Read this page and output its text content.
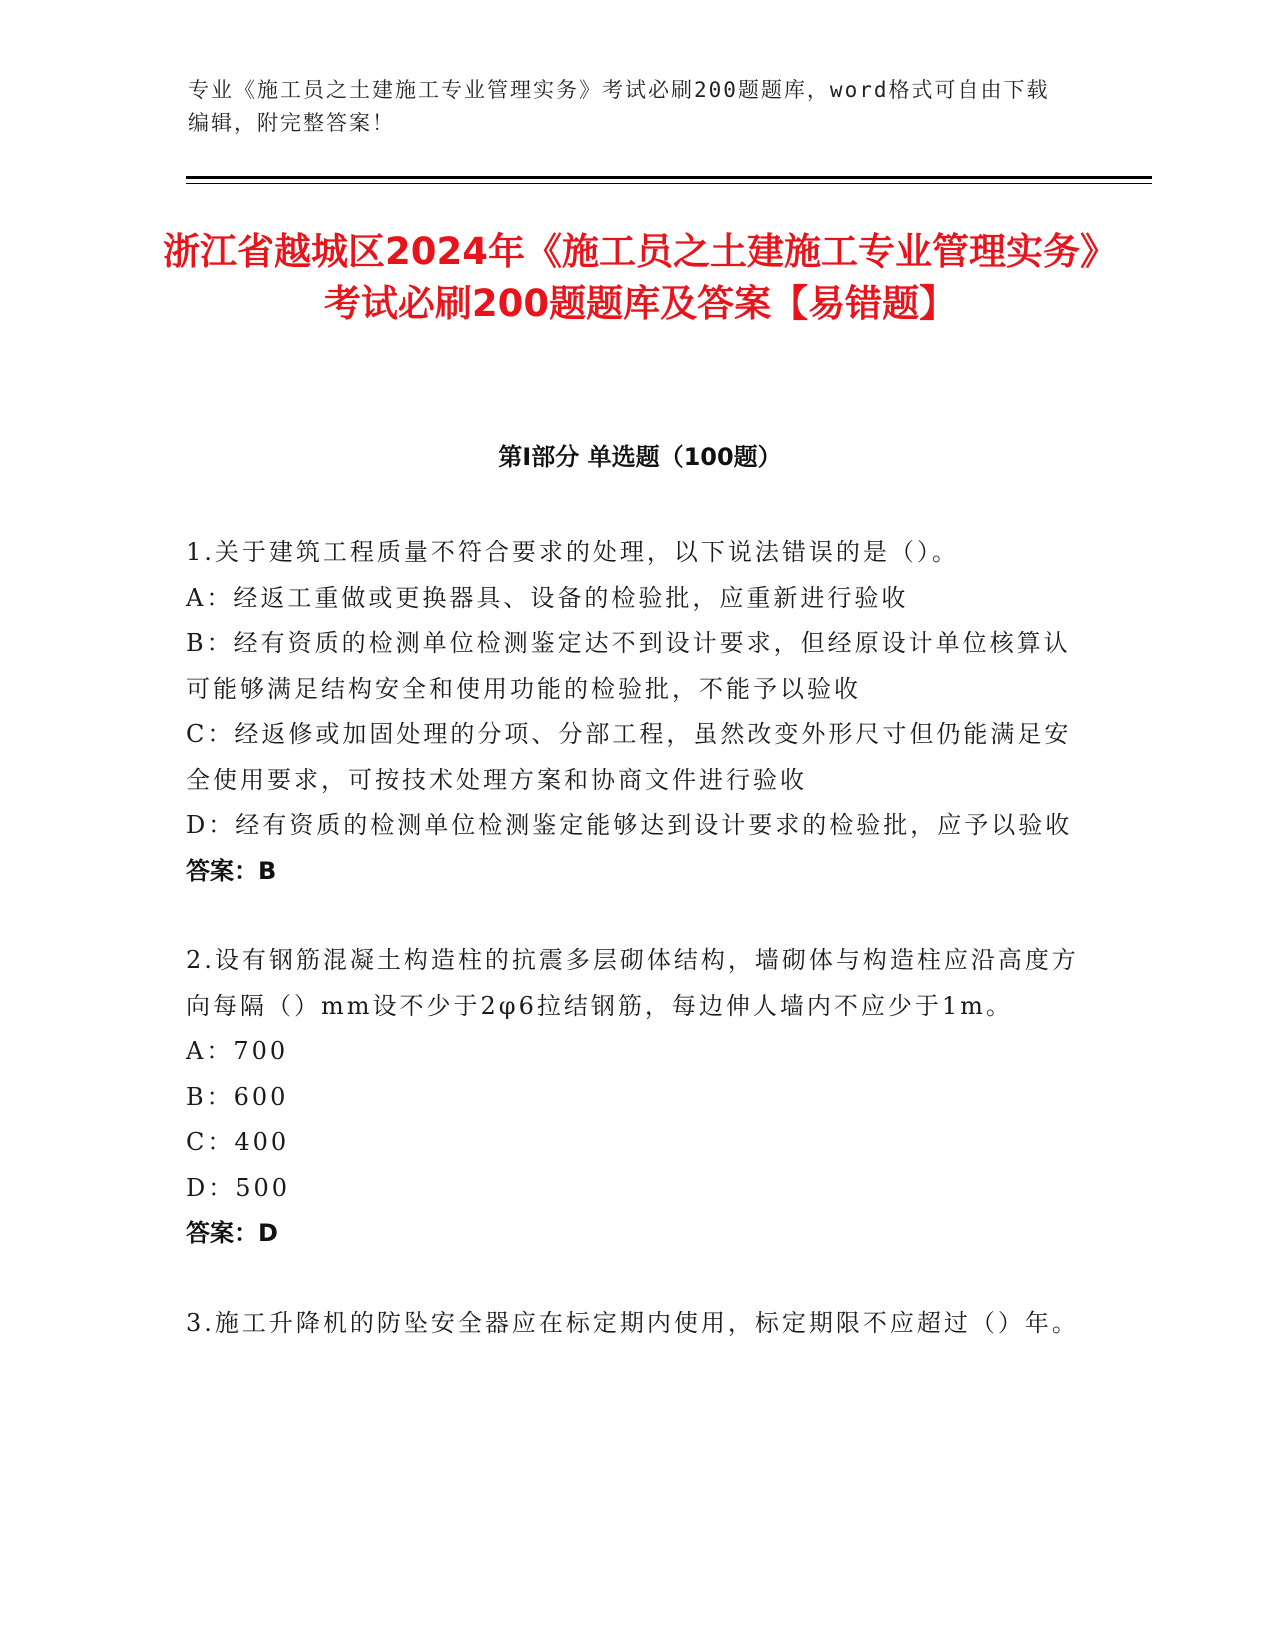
专业《施工员之土建施工专业管理实务》考试必刷200题题库，word格式可自由下载编辑，附完整答案！
浙江省越城区2024年《施工员之土建施工专业管理实务》考试必刷200题题库及答案【易错题】
第Ⅰ部分 单选题（100题）

1.关于建筑工程质量不符合要求的处理，以下说法错误的是（）。

A：经返工重做或更换器具、设备的检验批，应重新进行验收

B：经有资质的检测单位检测鉴定达不到设计要求，但经原设计单位核算认可能够满足结构安全和使用功能的检验批，不能予以验收

C：经返修或加固处理的分项、分部工程，虽然改变外形尺寸但仍能满足安全使用要求，可按技术处理方案和协商文件进行验收

D：经有资质的检测单位检测鉴定能够达到设计要求的检验批，应予以验收

答案：B

2.设有钢筋混凝土构造柱的抗震多层砌体结构，墙砌体与构造柱应沿高度方向每隔（）mm设不少于2φ6拉结钢筋，每边伸人墙内不应少于1m。

A：700

B：600

C：400

D：500

答案：D

3.施工升降机的防坠安全器应在标定期内使用，标定期限不应超过（）年。
